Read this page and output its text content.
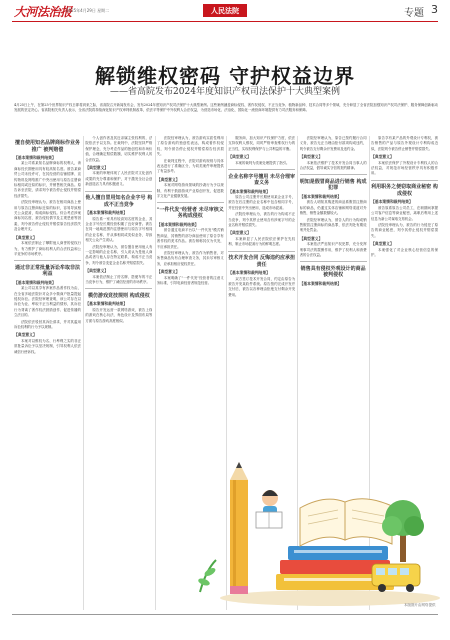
大河法治报
2025年4月29日 星期二	人民法院	专题 3
解锁维权密码 守护权益边界
——省高院发布2024年度知识产权司法保护十大典型案例
4月25日上午，在第25个世界知识产权日即将到来之际，省高院召开新闻发布会，发布2024年度知识产权司法保护十大典型案例。这些案例涵盖商标侵权、著作权侵权、不正当竞争、植物新品种、技术合同等多个领域，充分彰显了全省法院加强知识产权司法保护、服务保障创新驱动发展的坚定决心。省高院相关负责人表示，全省法院将持续深化知识产权审判机制改革，依法平等保护中外权利人合法权益，为营造市场化、法治化、国际化一流营商环境提供有力司法服务和保障。
擅自使用知名品牌商标作业务推广 被判赔偿
【基本案情和裁判结果】

某公司系某知名品牌商标的权利人，该商标经长期使用具有较高知名度。被告某商贸公司未经许可，在其经营的店铺招牌、宣传物料及网络推广中突出使用与原告注册商标相同或近似的标识，并销售相关商品。原告诉至法院，请求判令被告停止侵权并赔偿经济损失。

法院经审理认为，被告在相同商品上使用与原告注册商标近似的标识，容易导致相关公众混淆，构成商标侵权。综合考虑涉案商标知名度、被告侵权情节及主观恶意等因素，判令被告停止侵权并赔偿原告经济损失及合理开支。

【典型意义】

本案依法制止了攀附他人商誉的侵权行为，有力维护了商标权利人的合法权益和公平竞争的市场秩序。

通过非正常批量诉讼牟取非法利益
【基本案情和裁判结果】

某公司以其享有涉案作品著作权为由，在全省多地法院针对众多小微商户批量提起侵权诉讼。法院经审理查明，该公司存在以诉讼为业、牟取不正当利益的情形，其诉讼行为背离了著作权法鼓励创作、促进传播的立法目的。

法院依法驳回其诉讼请求，并对其滥用诉讼权利的行为予以规制。

【典型意义】

本案对以维权为名、行牟利之实的非正常批量诉讼予以坚决规制，引导权利人依法诚信行使诉权。

个人创作者及其近亲属主张权利的，法院依法予以支持。在裁判中，法院坚持严格保护理念，充分考虑作品的独创性和市场价值，合理确定赔偿数额，切实维护权利人的合法权益。

【典型意义】

本案的审理体现了人民法院对文化创作成果的充分尊重和保护，对于激发全社会创新创造活力具有积极意义。

他人擅自冒用知名企业字号 构成不正当竞争
【基本案情和裁判结果】

原告系一家具有较高知名度的企业，其企业字号经长期经营积累了良好商誉。被告在同一地域范围内注册使用与原告字号相同的企业名称，并从事相同或类似业务，导致相关公众产生误认。

法院经审理认为，被告擅自使用他人有一定影响的企业名称，引人误认为是他人商品或者与他人存在特定联系，构成不正当竞争，判令被告变更企业名称并赔偿损失。

【典型意义】

本案依法制止了傍名牌、搭便车的不正当竞争行为，维护了诚信经营的市场秩序。

模仿游戏竞技规则 构成侵权
【基本案情和裁判结果】

原告开发运营一款网络游戏，被告上线的游戏在核心玩法、角色设计及界面布局等方面与原告游戏高度相似。

法院经审理认为，被告游戏实质性利用了原告游戏的独创性表达，构成著作权侵权，判令被告停止侵权并赔偿原告经济损失。

在裁判过程中，法院对游戏规则与具体表达进行了准确区分，为同类案件审理提供了有益参考。

【典型意义】

本案对网络游戏领域的抄袭行为予以规制，有利于鼓励游戏产业原创开发，促进数字文化产业健康发展。

"一件代发"经营者 未尽审核义务构成侵权
【基本案情和裁判结果】

被告通过电商平台以"一件代发"模式销售商品，其销售的部分商品使用了原告享有著作权的美术作品。被告辩称其仅为代发，不应承担责任。

法院经审理认为，被告作为销售者，对所售商品负有合理审查义务，其未尽审核义务，应承担相应侵权责任。

【典型意义】

本案明确了"一件代发"经营者的注意义务标准，引导电商经营者规范经营。

服务商，加大知识产权保护力度，依法支持权利人维权，同时严格审查维权行为的正当性，实现权利保护与公共利益的平衡。

【典型意义】

本案的裁判为类案处理提供了指引。

企业名称字号擅用 未尽合理审查义务
【基本案情和裁判结果】

原告公司注册并长期使用某企业字号，被告在后注册的企业名称中包含相同字号，并在经营中突出使用，造成市场混淆。

法院经审理认为，被告的行为构成不正当竞争，判令其停止使用含有涉案字号的企业名称并赔偿损失。

【典型意义】

本案彰显了人民法院依法保护在先权利、制止市场混淆行为的鲜明态度。

技术开发合同 反悔违约应承担责任
【基本案情和裁判结果】

双方签订技术开发合同，约定由原告为被告开发某软件系统。原告按约完成开发并交付后，被告以各种理由拒绝支付剩余开发费用。

法院经审理认为，原告已按约履行合同义务，被告无正当理由拒付款项构成违约，判令被告支付剩余开发费用及违约金。

【典型意义】

本案依法维护了技术开发合同当事人的合法权益，倡导诚实守信的契约精神。

明知是假冒商品进行销售 构成犯罪
【基本案情和裁判结果】

被告人明知其购进的商品系假冒注册商标的商品，仍通过实体店铺和网络渠道对外销售，销售金额数额较大。

法院经审理认为，被告人的行为构成销售假冒注册商标的商品罪，依法判处有期徒刑并处罚金。

【典型意义】

本案依法严惩知识产权犯罪，充分发挥刑事司法的震慑作用，维护了权利人和消费者的合法权益。

销售具有侵权外观设计的商品 被判侵权
【基本案情和裁判结果】

原告享有某产品的外观设计专利权，被告销售的产品与原告外观设计专利构成近似，法院判令被告停止销售并赔偿损失。

【典型意义】

本案依法保护了外观设计专利权人的合法权益，对规范市场经营秩序具有积极作用。

利用职务之便窃取商业秘密 构成侵权
【基本案情和裁判结果】

被告原系原告公司员工，在职期间掌握公司客户信息等商业秘密，离职后利用上述信息为新公司谋取交易机会。

法院经审理认为，被告的行为侵犯了原告的商业秘密，判令其停止侵权并赔偿损失。

【典型意义】

本案强化了对企业核心经营信息的保护。

本版图片由网络提供
